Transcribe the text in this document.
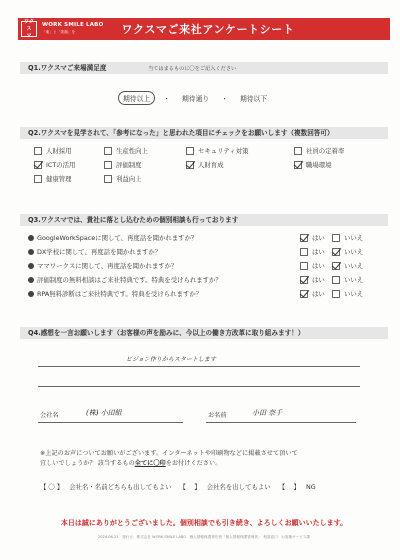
ワクス
マ
WORK SMILE LABO
「楽」と「笑顔」を	ワクスマご来社アンケートシート
Q1.ワクスマご来場満足度	当てはまるものに〇をご記入ください
期待以上	・	期待通り	・	期待以下
Q2.ワクスマを見学されて、「参考になった」と思われた項目にチェックをお願いします（複数回答可）
人財採用	生産性向上	セキュリティ対策	社員の定着率
ICTの活用	評価制度	人財育成	職場環境
健康管理	利益向上
Q3.ワクスマでは、貴社に落とし込むための個別相談も行っております
GoogleWorkSpaceに関して、再度話を聞かれますか？	はい	いいえ
DX学校に関して、再度話を聞かれますか？	はい	いいえ
ママワークスに関して、再度話を聞かれますか？	はい	いいえ
評価制度の無料相談はご来社特典です。特典を受けられますか？	はい	いいえ
RPA無料診断はご来社特典です。特典を受けられますか？	はい	いいえ
Q4.感想を一言お願いします（お客様の声を励みに、今以上の働き方改革に取り組みます！）
ビジョン作りからスタートします
会社名	(株) 小田組	お名前	小田 奈千
※上記のお声についてお願いがございます。インターネットや印刷物などに掲載させて頂いて
宜しいでしょうか？ 該当するもの全てに〇印をお付けください。
【 〇 】 会社名・名前どちらも出してもよい 【　 】 会社名を出してもよい 【　 】 NG
本日は誠にありがとうございました。個別相談でも引き続き、よろしくお願いいたします。
2024.06.21　発行元：株式会社 WORK SMILE LABO　個人情報保護責任者「個人情報保護管理者」　相談窓口：お客様サービス課
